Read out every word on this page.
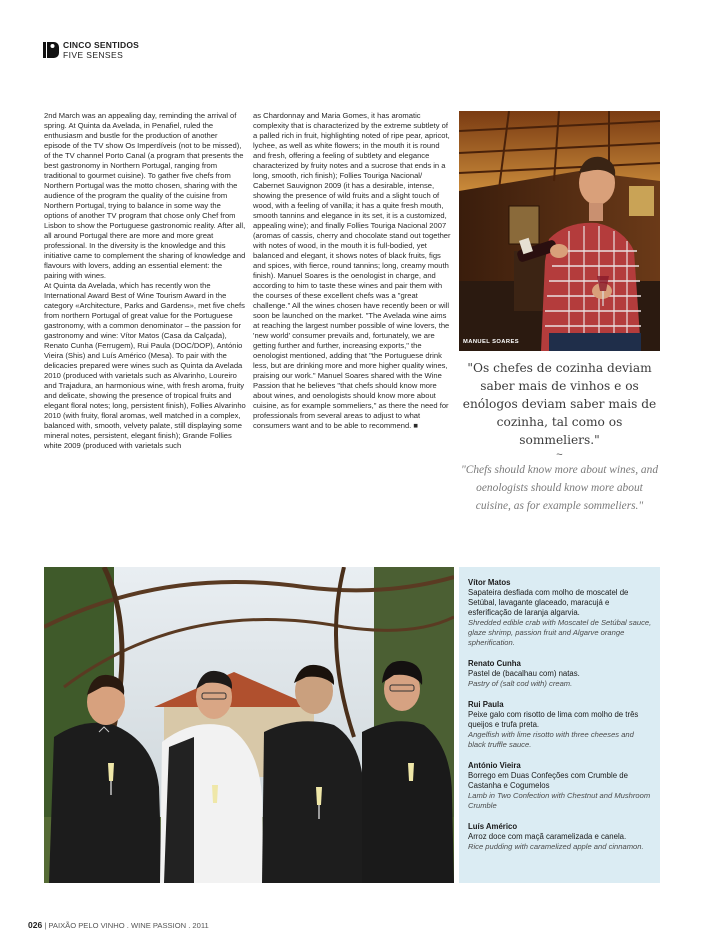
CINCO SENTIDOS
FIVE SENSES

2nd March was an appealing day, reminding the arrival of spring. At Quinta da Avelada, in Penafiel, ruled the enthusiasm and bustle for the production of another episode of the TV show Os Imperdíveis (not to be missed), of the TV channel Porto Canal (a program that presents the best gastronomy in Northern Portugal, ranging from traditional to gourmet cuisine). To gather five chefs from Northern Portugal was the motto chosen, sharing with the audience of the program the quality of the cuisine from Northern Portugal, trying to balance in some way the options of another TV program that chose only Chef from Lisbon to show the Portuguese gastronomic reality. After all, all around Portugal there are more and more great professional. In the diversity is the knowledge and this initiative came to complement the sharing of knowledge and flavours with lovers, adding an essential element: the pairing with wines.

At Quinta da Avelada, which has recently won the International Award Best of Wine Tourism Award in the category «Architecture, Parks and Gardens», met five chefs from northern Portugal of great value for the Portuguese gastronomy, with a common denominator – the passion for gastronomy and wine: Vítor Matos (Casa da Calçada), Renato Cunha (Ferrugem), Rui Paula (DOC/DOP), António Vieira (Shis) and Luís Américo (Mesa). To pair with the delicacies prepared were wines such as Quinta da Avelada 2010 (produced with varietals such as Alvarinho, Loureiro and Trajadura, an harmonious wine, with fresh aroma, fruity and delicate, showing the presence of tropical fruits and elegant floral notes; long, persistent finish), Follies Alvarinho 2010 (with fruity, floral aromas, well matched in a complex, balanced with, smooth, velvety palate, still displaying some mineral notes, persistent, elegant finish); Grande Follies white 2009 (produced with varietals such

as Chardonnay and Maria Gomes, it has aromatic complexity that is characterized by the extreme subtlety of a palled rich in fruit, highlighting noted of ripe pear, apricot, lychee, as well as white flowers; in the mouth it is round and fresh, offering a feeling of subtlety and elegance characterized by fruity notes and a sucrose that ends in a long, smooth, rich finish); Follies Touriga Nacional/ Cabernet Sauvignon 2009 (it has a desirable, intense, showing the presence of wild fruits and a slight touch of wood, with a feeling of vanilla; it has a quite fresh mouth, smooth tannins and elegance in its set, it is a customized, appealing wine); and finally Follies Touriga Nacional 2007 (aromas of cassis, cherry and chocolate stand out together with notes of wood, in the mouth it is full-bodied, yet balanced and elegant, it shows notes of black fruits, figs and spices, with fierce, round tannins; long, creamy mouth finish). Manuel Soares is the oenologist in charge, and according to him to taste these wines and pair them with the courses of these excellent chefs was a "great challenge." All the wines chosen have recently been or will soon be launched on the market. "The Avelada wine aims at reaching the largest number possible of wine lovers, the 'new world' consumer prevails and, fortunately, we are getting further and further, increasing exports," the oenologist mentioned, adding that "the Portuguese drink less, but are drinking more and more higher quality wines, praising our work." Manuel Soares shared with the Wine Passion that he believes "that chefs should know more about wines, and oenologists should know more about cuisine, as for example sommeliers," as there the need for professionals from several areas to adjust to what consumers want and to be able to recommend. ■

MANUEL SOARES

"Os chefes de cozinha deviam saber mais de vinhos e os enólogos deviam saber mais de cozinha, tal como os sommeliers."

~

"Chefs should know more about wines, and oenologists should know more about cuisine, as for example sommeliers."

Vítor Matos
Sapateira desfiada com molho de moscatel de Setúbal, lavagante glaceado, maracujá e esferificação de laranja algarvia.
Shredded edible crab with Moscatel de Setúbal sauce, glaze shrimp, passion fruit and Algarve orange spherification.
Renato Cunha
Pastel de (bacalhau com) natas.
Pastry of (salt cod with) cream.
Rui Paula
Peixe galo com risotto de lima com molho de três queijos e trufa preta.
Angelfish with lime risotto with three cheeses and black truffle sauce.
António Vieira
Borrego em Duas Confeções com Crumble de Castanha e Cogumelos
Lamb in Two Confection with Chestnut and Mushroom Crumble
Luís Américo
Arroz doce com maçã caramelizada e canela.
Rice pudding with caramelized apple and cinnamon.
026 | PAIXÃO PELO VINHO . WINE PASSION . 2011
